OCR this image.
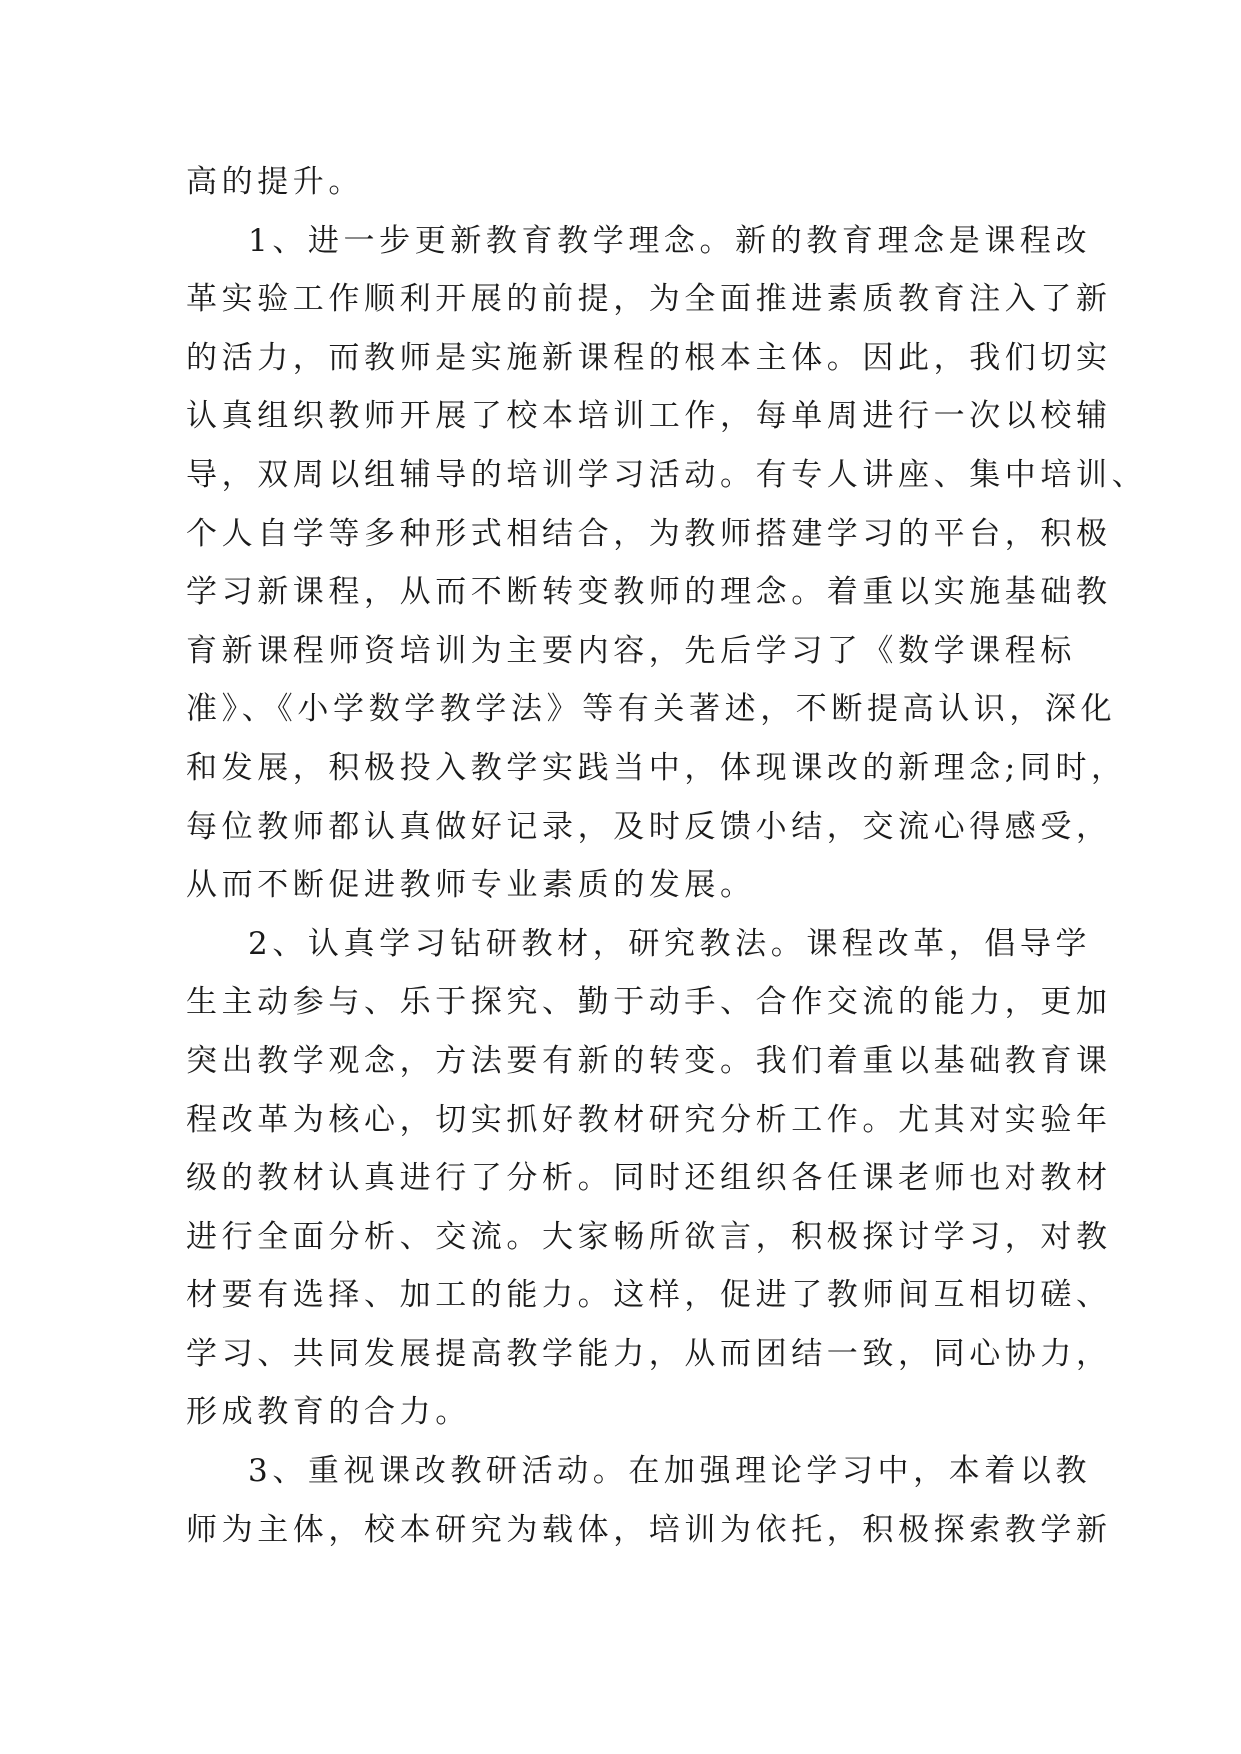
高的提升。
1、进一步更新教育教学理念。新的教育理念是课程改
革实验工作顺利开展的前提，为全面推进素质教育注入了新
的活力，而教师是实施新课程的根本主体。因此，我们切实
认真组织教师开展了校本培训工作，每单周进行一次以校辅
导，双周以组辅导的培训学习活动。有专人讲座、集中培训、
个人自学等多种形式相结合，为教师搭建学习的平台，积极
学习新课程，从而不断转变教师的理念。着重以实施基础教
育新课程师资培训为主要内容，先后学习了《数学课程标
准》、《小学数学教学法》等有关著述，不断提高认识，深化
和发展，积极投入教学实践当中，体现课改的新理念;同时，
每位教师都认真做好记录，及时反馈小结，交流心得感受，
从而不断促进教师专业素质的发展。
2、认真学习钻研教材，研究教法。课程改革，倡导学
生主动参与、乐于探究、勤于动手、合作交流的能力，更加
突出教学观念，方法要有新的转变。我们着重以基础教育课
程改革为核心，切实抓好教材研究分析工作。尤其对实验年
级的教材认真进行了分析。同时还组织各任课老师也对教材
进行全面分析、交流。大家畅所欲言，积极探讨学习，对教
材要有选择、加工的能力。这样，促进了教师间互相切磋、
学习、共同发展提高教学能力，从而团结一致，同心协力，
形成教育的合力。
3、重视课改教研活动。在加强理论学习中，本着以教
师为主体，校本研究为载体，培训为依托，积极探索教学新
